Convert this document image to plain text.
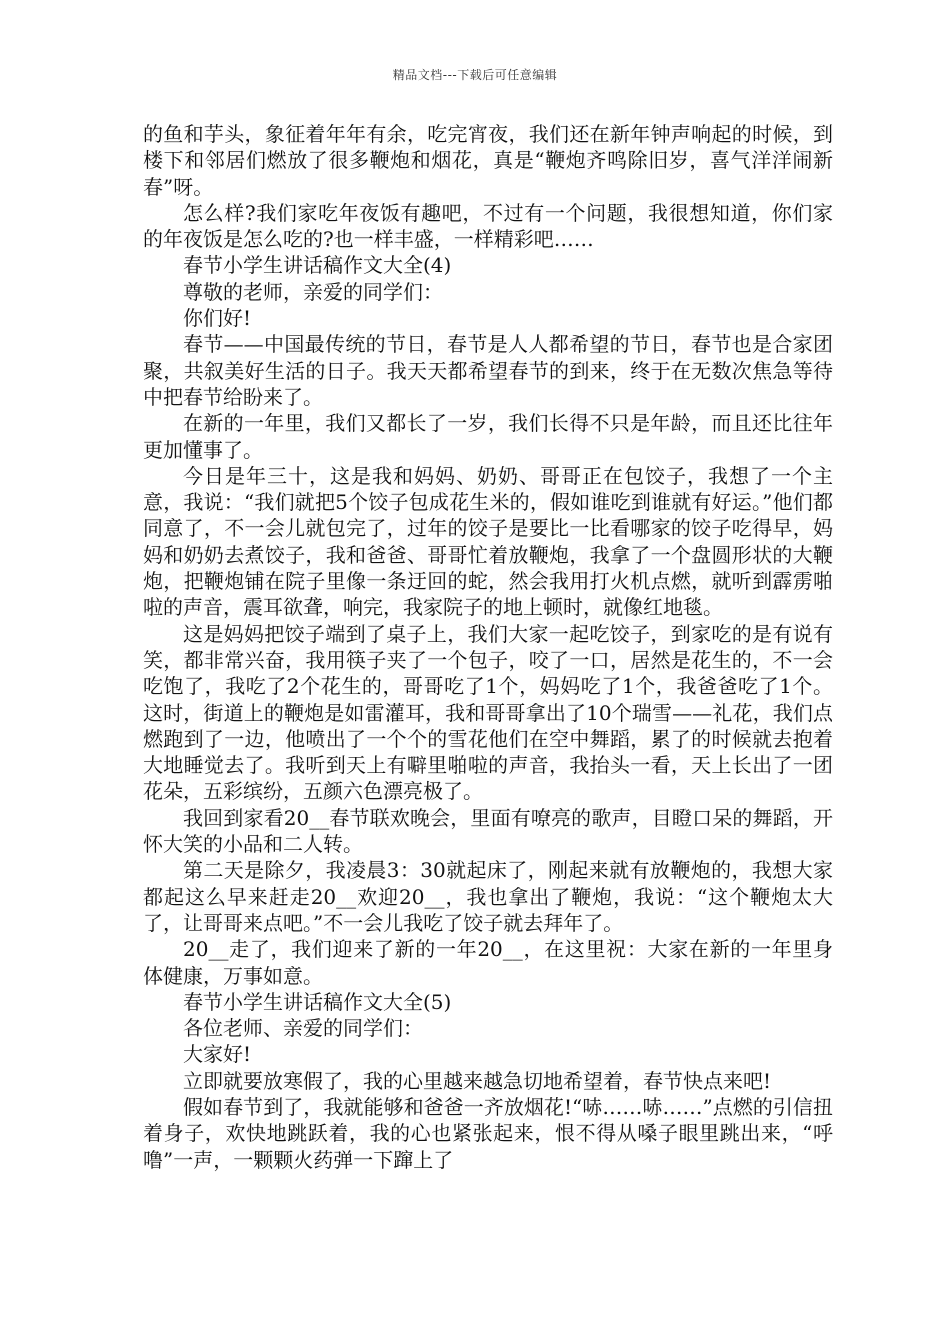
精品文档---下载后可任意编辑

的鱼和芋头，象征着年年有余，吃完宵夜，我们还在新年钟声响起的时候，到楼下和邻居们燃放了很多鞭炮和烟花，真是“鞭炮齐鸣除旧岁，喜气洋洋闹新春”呀。

怎么样?我们家吃年夜饭有趣吧，不过有一个问题，我很想知道，你们家的年夜饭是怎么吃的?也一样丰盛，一样精彩吧……

春节小学生讲话稿作文大全(4)

尊敬的老师，亲爱的同学们：

你们好!

春节——中国最传统的节日，春节是人人都希望的节日，春节也是合家团聚，共叙美好生活的日子。我天天都希望春节的到来，终于在无数次焦急等待中把春节给盼来了。

在新的一年里，我们又都长了一岁，我们长得不只是年龄，而且还比往年更加懂事了。

今日是年三十，这是我和妈妈、奶奶、哥哥正在包饺子，我想了一个主意，我说：“我们就把5个饺子包成花生米的，假如谁吃到谁就有好运。”他们都同意了，不一会儿就包完了，过年的饺子是要比一比看哪家的饺子吃得早，妈妈和奶奶去煮饺子，我和爸爸、哥哥忙着放鞭炮，我拿了一个盘圆形状的大鞭炮，把鞭炮铺在院子里像一条迂回的蛇，然会我用打火机点燃，就听到霹雳啪啦的声音，震耳欲聋，响完，我家院子的地上顿时，就像红地毯。

这是妈妈把饺子端到了桌子上，我们大家一起吃饺子，到家吃的是有说有笑，都非常兴奋，我用筷子夹了一个包子，咬了一口，居然是花生的，不一会吃饱了，我吃了2个花生的，哥哥吃了1个，妈妈吃了1个，我爸爸吃了1个。这时，街道上的鞭炮是如雷灌耳，我和哥哥拿出了10个瑞雪——礼花，我们点燃跑到了一边，他喷出了一个个的雪花他们在空中舞蹈，累了的时候就去抱着大地睡觉去了。我听到天上有噼里啪啦的声音，我抬头一看，天上长出了一团花朵，五彩缤纷，五颜六色漂亮极了。

我回到家看20__春节联欢晚会，里面有嘹亮的歌声，目瞪口呆的舞蹈，开怀大笑的小品和二人转。

第二天是除夕，我凌晨3：30就起床了，刚起来就有放鞭炮的，我想大家都起这么早来赶走20__欢迎20__，我也拿出了鞭炮，我说：“这个鞭炮太大了，让哥哥来点吧。”不一会儿我吃了饺子就去拜年了。

20__走了，我们迎来了新的一年20__，在这里祝：大家在新的一年里身体健康，万事如意。

春节小学生讲话稿作文大全(5)

各位老师、亲爱的同学们：

大家好!

立即就要放寒假了，我的心里越来越急切地希望着，春节快点来吧!

假如春节到了，我就能够和爸爸一齐放烟花!“哧……哧……”点燃的引信扭着身子，欢快地跳跃着，我的心也紧张起来，恨不得从嗓子眼里跳出来，“呼噜”一声，一颗颗火药弹一下蹿上了
